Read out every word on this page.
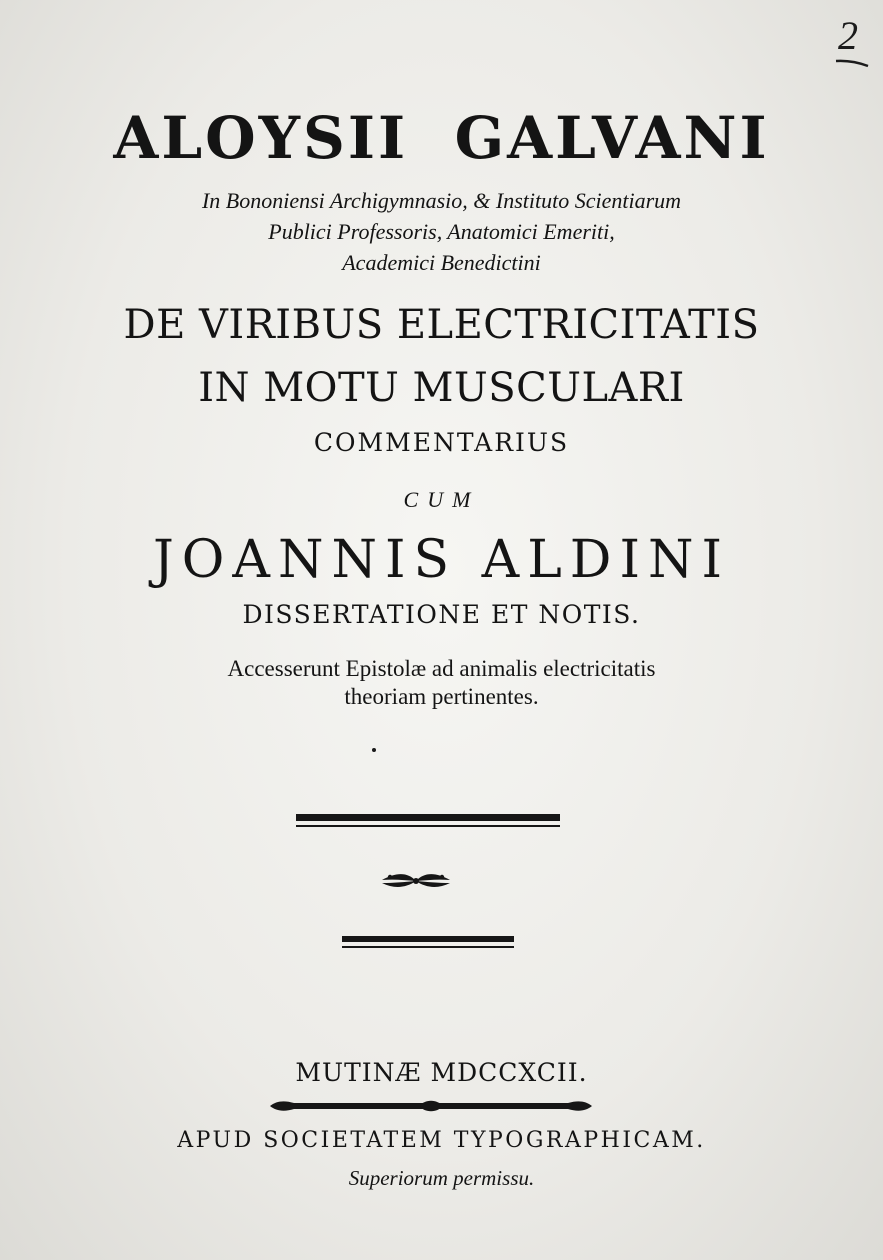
2
ALOYSII GALVANI

In Bononiensi Archigymnasio, & Instituto Scientiarum

Publici Professoris, Anatomici Emeriti,

Academici Benedictini

DE VIRIBUS ELECTRICITATIS

IN MOTU MUSCULARI

COMMENTARIUS

CUM

JOANNIS ALDINI

DISSERTATIONE ET NOTIS.

Accesserunt Epistolæ ad animalis electricitatis

theoriam pertinentes.

MUTINÆ MDCCXCII.

APUD SOCIETATEM TYPOGRAPHICAM.

Superiorum permissu.
